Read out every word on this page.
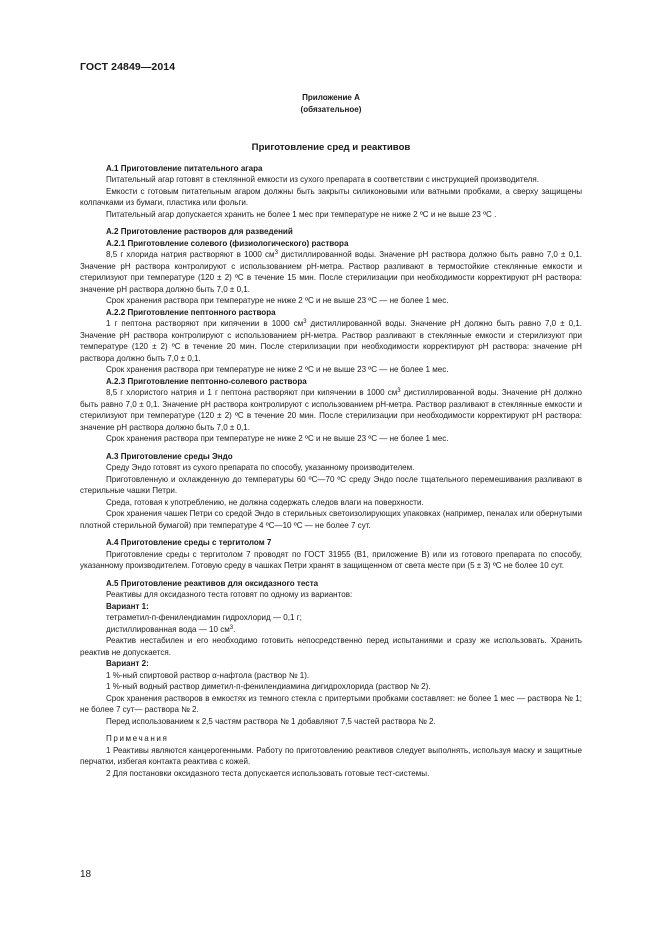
ГОСТ 24849—2014

Приложение А

(обязательное)

Приготовление сред и реактивов

А.1 Приготовление питательного агара

Питательный агар готовят в стеклянной емкости из сухого препарата в соответствии с инструкцией производителя.

Емкости с готовым питательным агаром должны быть закрыты силиконовыми или ватными пробками, а сверху защищены колпачками из бумаги, пластика или фольги.

Питательный агар допускается хранить не более 1 мес при температуре не ниже 2 ºС и не выше 23 ºС .

А.2 Приготовление растворов для разведений

А.2.1 Приготовление солевого (физиологического) раствора

8,5 г хлорида натрия растворяют в 1000 $см^3$ дистиллированной воды. Значение pH раствора должно быть равно 7,0 ± 0,1. Значение pH раствора контролируют с использованием pH-метра. Раствор разливают в термостойкие стеклянные емкости и стерилизуют при температуре (120 ± 2) ºС в течение 15 мин. После стерилизации при необходимости корректируют pH раствора: значение pH раствора должно быть 7,0 ± 0,1.

Срок хранения раствора при температуре не ниже 2 ºС и не выше 23 ºС — не более 1 мес.

А.2.2 Приготовление пептонного раствора

1 г пептона растворяют при кипячении в 1000 $см^3$ дистиллированной воды. Значение pH должно быть равно 7,0 ± 0,1. Значение pH раствора контролируют с использованием pH-метра. Раствор разливают в стеклянные емкости и стерилизуют при температуре (120 ± 2) ºС в течение 20 мин. После стерилизации при необходимости корректируют pH раствора: значение pH раствора должно быть 7,0 ± 0,1.

Срок хранения раствора при температуре не ниже 2 ºС и не выше 23 ºС — не более 1 мес.

А.2.3 Приготовление пептонно-солевого раствора

8,5 г хлористого натрия и 1 г пептона растворяют при кипячении в 1000 $см^3$ дистиллированной воды. Значение pH должно быть равно 7,0 ± 0,1. Значение pH раствора контролируют с использованием pH-метра. Раствор разливают в стеклянные емкости и стерилизуют при температуре (120 ± 2) ºС в течение 20 мин. После стерилизации при необходимости корректируют pH раствора: значение pH раствора должно быть 7,0 ± 0,1.

Срок хранения раствора при температуре не ниже 2 ºС и не выше 23 ºС — не более 1 мес.

А.3 Приготовление среды Эндо

Среду Эндо готовят из сухого препарата по способу, указанному производителем.

Приготовленную и охлажденную до температуры 60 ºС—70 ºС среду Эндо после тщательного перемешивания разливают в стерильные чашки Петри.

Среда, готовая к употреблению, не должна содержать следов влаги на поверхности.

Срок хранения чашек Петри со средой Эндо в стерильных светоизолирующих упаковках (например, пеналах или обернутыми плотной стерильной бумагой) при температуре 4 ºС—10 ºС — не более 7 сут.

А.4 Приготовление среды с тергитолом 7

Приготовление среды с тергитолом 7 проводят по ГОСТ 31955 (В1, приложение В) или из готового препарата по способу, указанному производителем. Готовую среду в чашках Петри хранят в защищенном от света месте при (5 ± 3) ºС не более 10 сут.

А.5 Приготовление реактивов для оксидазного теста

Реактивы для оксидазного теста готовят по одному из вариантов:

Вариант 1:

тетраметил-п-фенилендиамин гидрохлорид — 0,1 г;

дистиллированная вода — 10 $см^3$.

Реактив нестабилен и его необходимо готовить непосредственно перед испытаниями и сразу же использовать. Хранить реактив не допускается.

Вариант 2:

1 %-ный спиртовой раствор α-нафтола (раствор № 1).

1 %-ный водный раствор диметил-п-фенилендиамина дигидрохлорида (раствор № 2).

Срок хранения растворов в емкостях из темного стекла с притертыми пробками составляет: не более 1 мес — раствора № 1; не более 7 сут— раствора № 2.

Перед использованием к 2,5 частям раствора № 1 добавляют 7,5 частей раствора № 2.

Примечания

1 Реактивы являются канцерогенными. Работу по приготовлению реактивов следует выполнять, используя маску и защитные перчатки, избегая контакта реактива с кожей.

2 Для постановки оксидазного теста допускается использовать готовые тест-системы.

18
